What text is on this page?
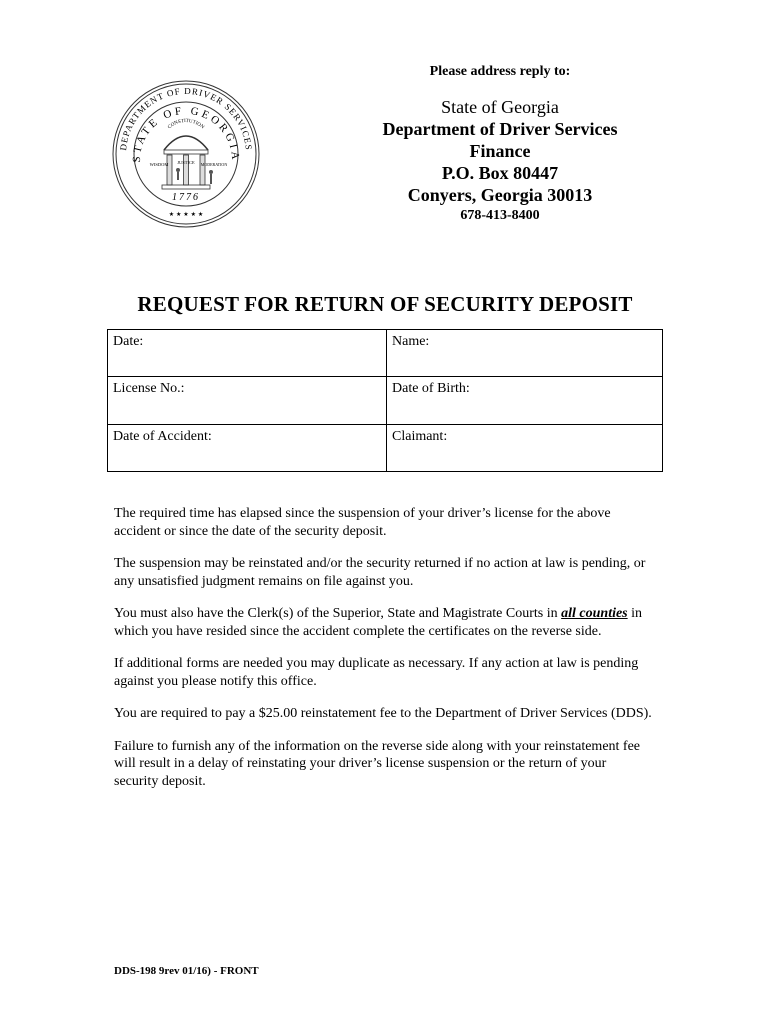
DEPARTMENT OF DRIVER SERVICES
STATE OF GEORGIA
CONSTITUTION
WISDOM JUSTICE MODERATION
1776
★ ★ ★ ★ ★
Please address reply to:
State of Georgia
Department of Driver Services
Finance
P.O. Box 80447
Conyers, Georgia 30013
678-413-8400
REQUEST FOR RETURN OF SECURITY DEPOSIT
Date:	Name:
License No.:	Date of Birth:
Date of Accident:	Claimant:

The required time has elapsed since the suspension of your driver’s license for the above accident or since the date of the security deposit.

The suspension may be reinstated and/or the security returned if no action at law is pending, or any unsatisfied judgment remains on file against you.

You must also have the Clerk(s) of the Superior, State and Magistrate Courts in all counties in which you have resided since the accident complete the certificates on the reverse side.

If additional forms are needed you may duplicate as necessary. If any action at law is pending against you please notify this office.

You are required to pay a $25.00 reinstatement fee to the Department of Driver Services (DDS).

Failure to furnish any of the information on the reverse side along with your reinstatement fee will result in a delay of reinstating your driver’s license suspension or the return of your security deposit.

DDS-198 9rev 01/16) - FRONT
